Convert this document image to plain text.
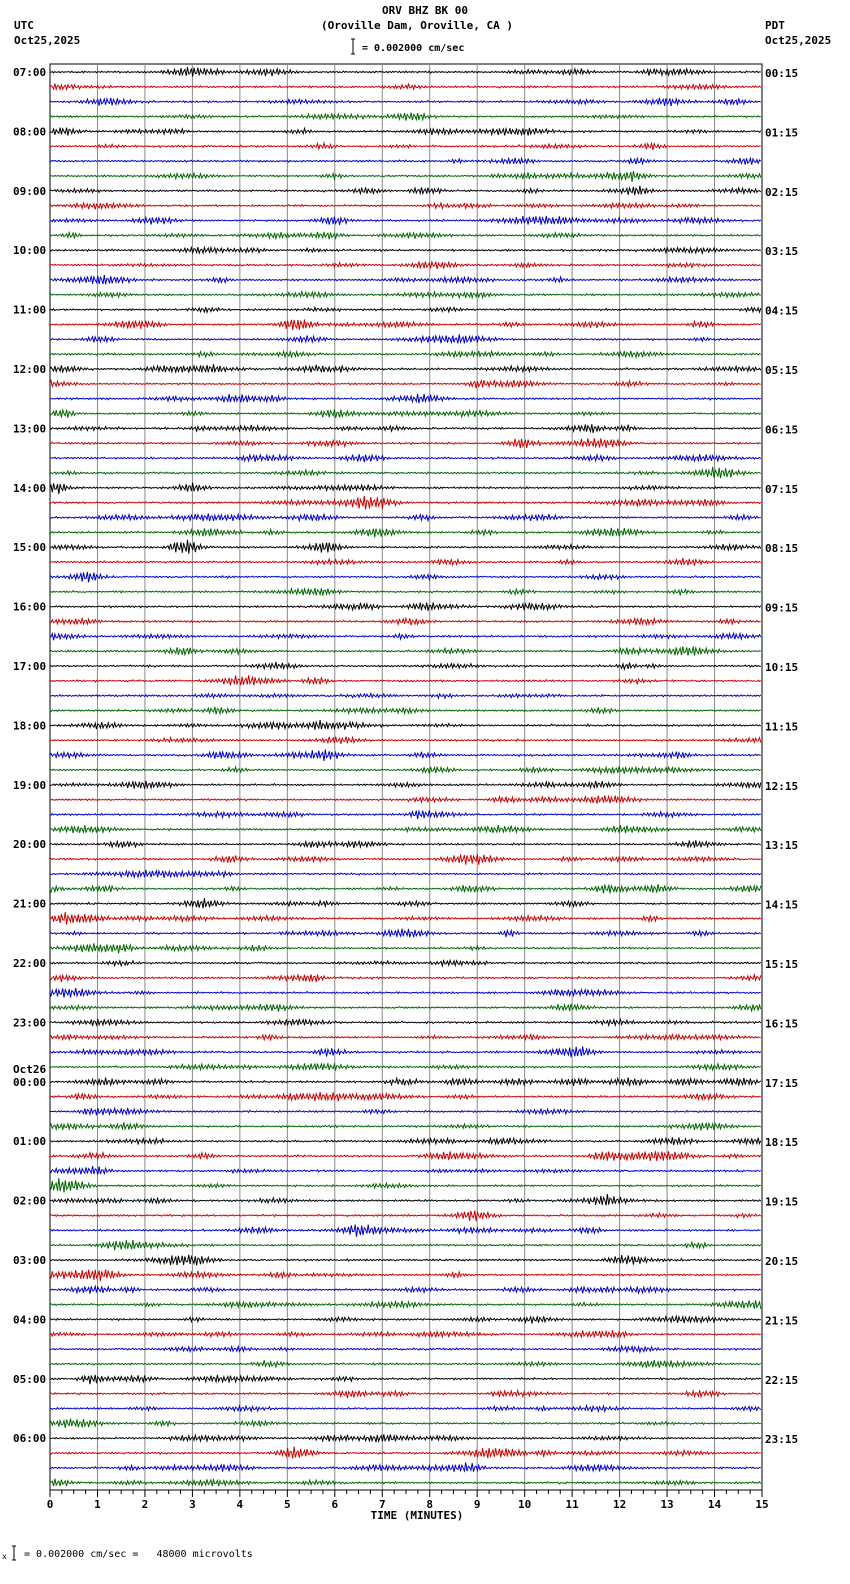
ORV BHZ BK 00
(Oroville Dam, Oroville, CA )
UTC
Oct25,2025
PDT
Oct25,2025
0	1	2	3	4	5	6	7	8	9	10	11	12	13	14	15
x
07:00
08:00
09:00
10:00
11:00
12:00
13:00
14:00
15:00
16:00
17:00
18:00
19:00
20:00
21:00
22:00
23:00
00:00
Oct26
01:00
02:00
03:00
04:00
05:00
06:00
00:15
01:15
02:15
03:15
04:15
05:15
06:15
07:15
08:15
09:15
10:15
11:15
12:15
13:15
14:15
15:15
16:15
17:15
18:15
19:15
20:15
21:15
22:15
23:15
= 0.002000 cm/sec
TIME (MINUTES)
= 0.002000 cm/sec =   48000 microvolts
